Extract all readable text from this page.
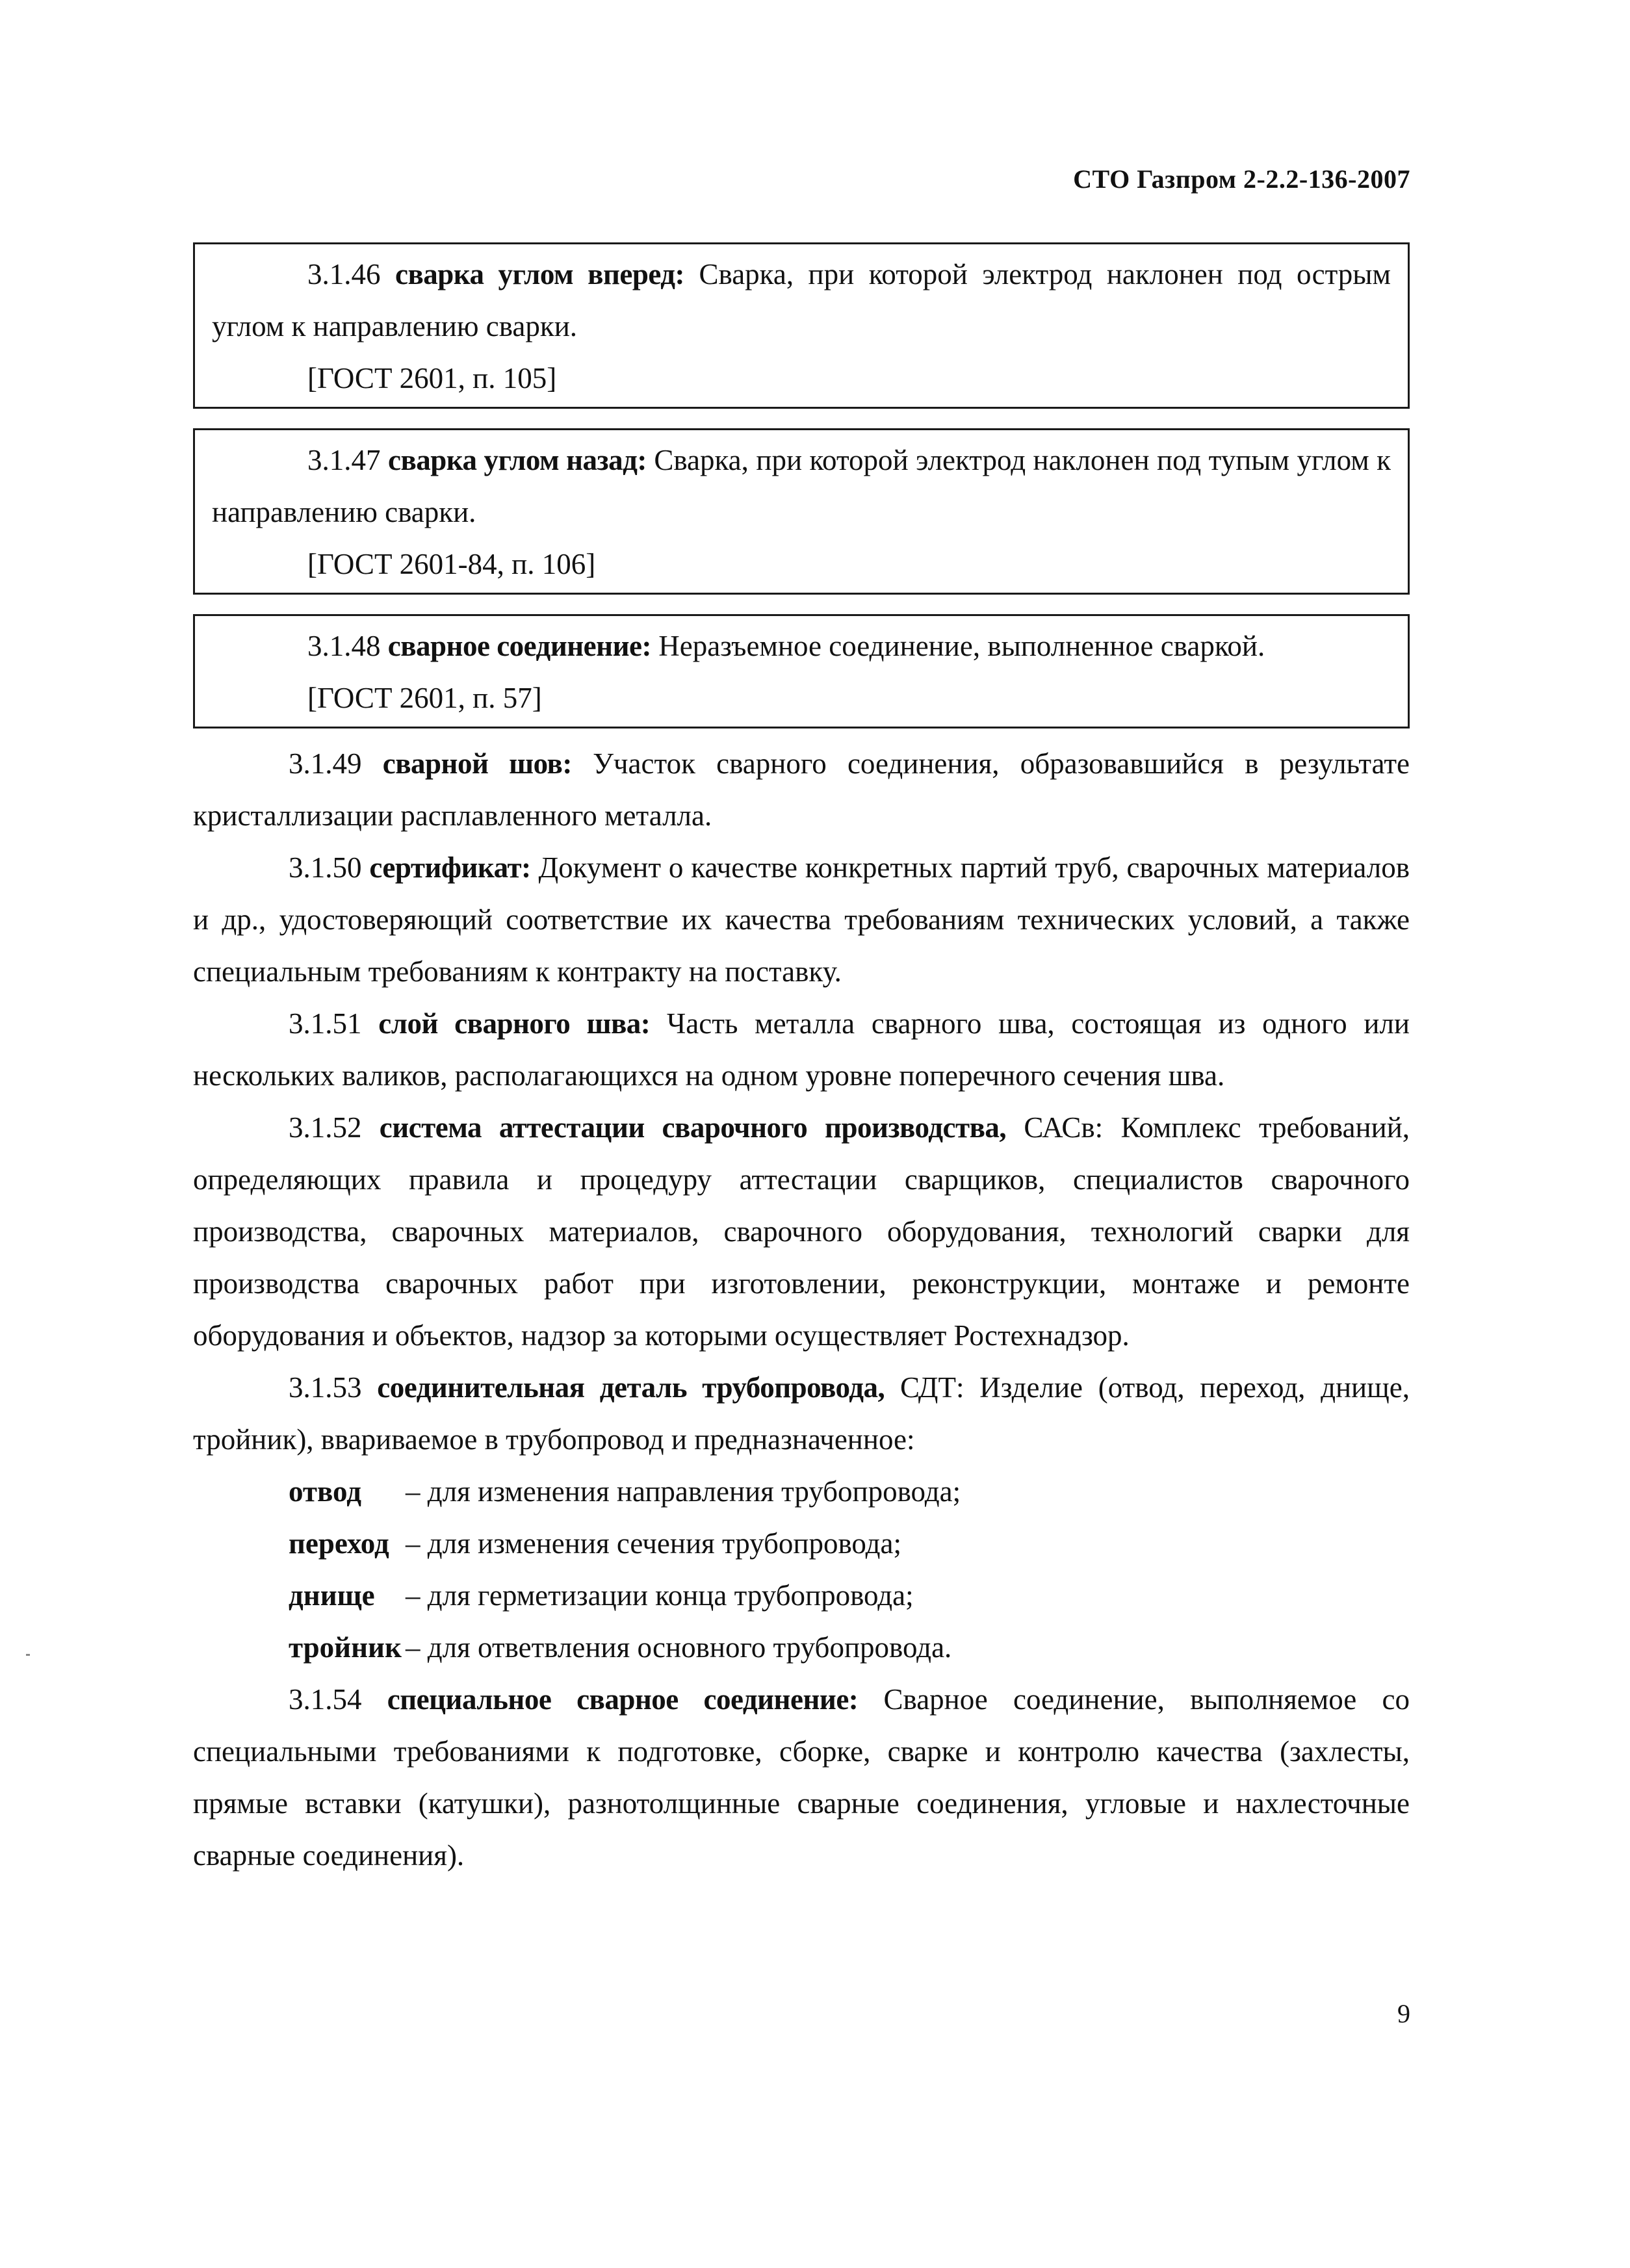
СТО Газпром 2-2.2-136-2007

3.1.46 сварка углом вперед: Сварка, при которой электрод наклонен под острым углом к направлению сварки.

[ГОСТ 2601, п. 105]

3.1.47 сварка углом назад: Сварка, при которой электрод наклонен под тупым углом к направлению сварки.

[ГОСТ 2601-84, п. 106]

3.1.48 сварное соединение: Неразъемное соединение, выполненное сваркой.

[ГОСТ 2601, п. 57]

3.1.49 сварной шов: Участок сварного соединения, образовавшийся в результате кристаллизации расплавленного металла.

3.1.50 сертификат: Документ о качестве конкретных партий труб, сварочных материалов и др., удостоверяющий соответствие их качества требованиям технических условий, а также специальным требованиям к контракту на поставку.

3.1.51 слой сварного шва: Часть металла сварного шва, состоящая из одного или нескольких валиков, располагающихся на одном уровне поперечного сечения шва.

3.1.52 система аттестации сварочного производства, САСв: Комплекс требований, определяющих правила и процедуру аттестации сварщиков, специалистов сварочного производства, сварочных материалов, сварочного оборудования, технологий сварки для производства сварочных работ при изготовлении, реконструкции, монтаже и ремонте оборудования и объектов, надзор за которыми осуществляет Ростехнадзор.

3.1.53 соединительная деталь трубопровода, СДТ: Изделие (отвод, переход, днище, тройник), ввариваемое в трубопровод и предназначенное:

отвод	– для изменения направления трубопровода;
переход – для изменения сечения трубопровода;
днище	– для герметизации конца трубопровода;
тройник – для ответвления основного трубопровода.

3.1.54 специальное сварное соединение: Сварное соединение, выполняемое со специальными требованиями к подготовке, сборке, сварке и контролю качества (захлесты, прямые вставки (катушки), разнотолщинные сварные соединения, угловые и нахлесточные сварные соединения).

9
